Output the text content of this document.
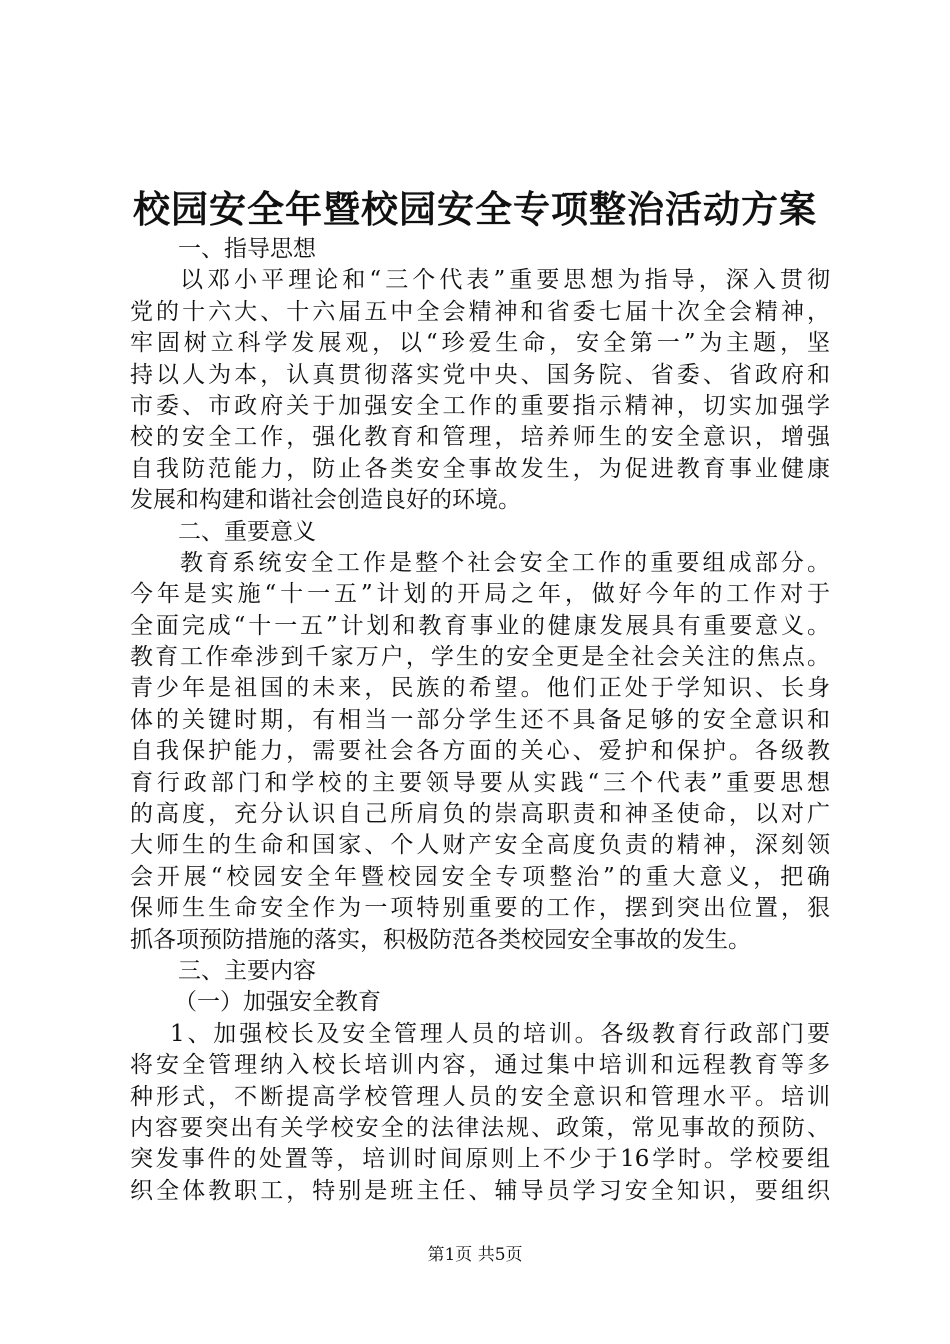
校园安全年暨校园安全专项整治活动方案
一、指导思想
以邓小平理论和“三个代表”重要思想为指导，深入贯彻
党的十六大、十六届五中全会精神和省委七届十次全会精神，
牢固树立科学发展观，以“珍爱生命，安全第一”为主题，坚
持以人为本，认真贯彻落实党中央、国务院、省委、省政府和
市委、市政府关于加强安全工作的重要指示精神，切实加强学
校的安全工作，强化教育和管理，培养师生的安全意识，增强
自我防范能力，防止各类安全事故发生，为促进教育事业健康
发展和构建和谐社会创造良好的环境。
二、重要意义
教育系统安全工作是整个社会安全工作的重要组成部分。
今年是实施“十一五”计划的开局之年，做好今年的工作对于
全面完成“十一五”计划和教育事业的健康发展具有重要意义。
教育工作牵涉到千家万户，学生的安全更是全社会关注的焦点。
青少年是祖国的未来，民族的希望。他们正处于学知识、长身
体的关键时期，有相当一部分学生还不具备足够的安全意识和
自我保护能力，需要社会各方面的关心、爱护和保护。各级教
育行政部门和学校的主要领导要从实践“三个代表”重要思想
的高度，充分认识自己所肩负的崇高职责和神圣使命，以对广
大师生的生命和国家、个人财产安全高度负责的精神，深刻领
会开展“校园安全年暨校园安全专项整治”的重大意义，把确
保师生生命安全作为一项特别重要的工作，摆到突出位置，狠
抓各项预防措施的落实，积极防范各类校园安全事故的发生。
三、主要内容
（一）加强安全教育
1、加强校长及安全管理人员的培训。各级教育行政部门要
将安全管理纳入校长培训内容，通过集中培训和远程教育等多
种形式，不断提高学校管理人员的安全意识和管理水平。培训
内容要突出有关学校安全的法律法规、政策，常见事故的预防、
突发事件的处置等，培训时间原则上不少于16学时。学校要组
织全体教职工，特别是班主任、辅导员学习安全知识，要组织
第1页 共5页
